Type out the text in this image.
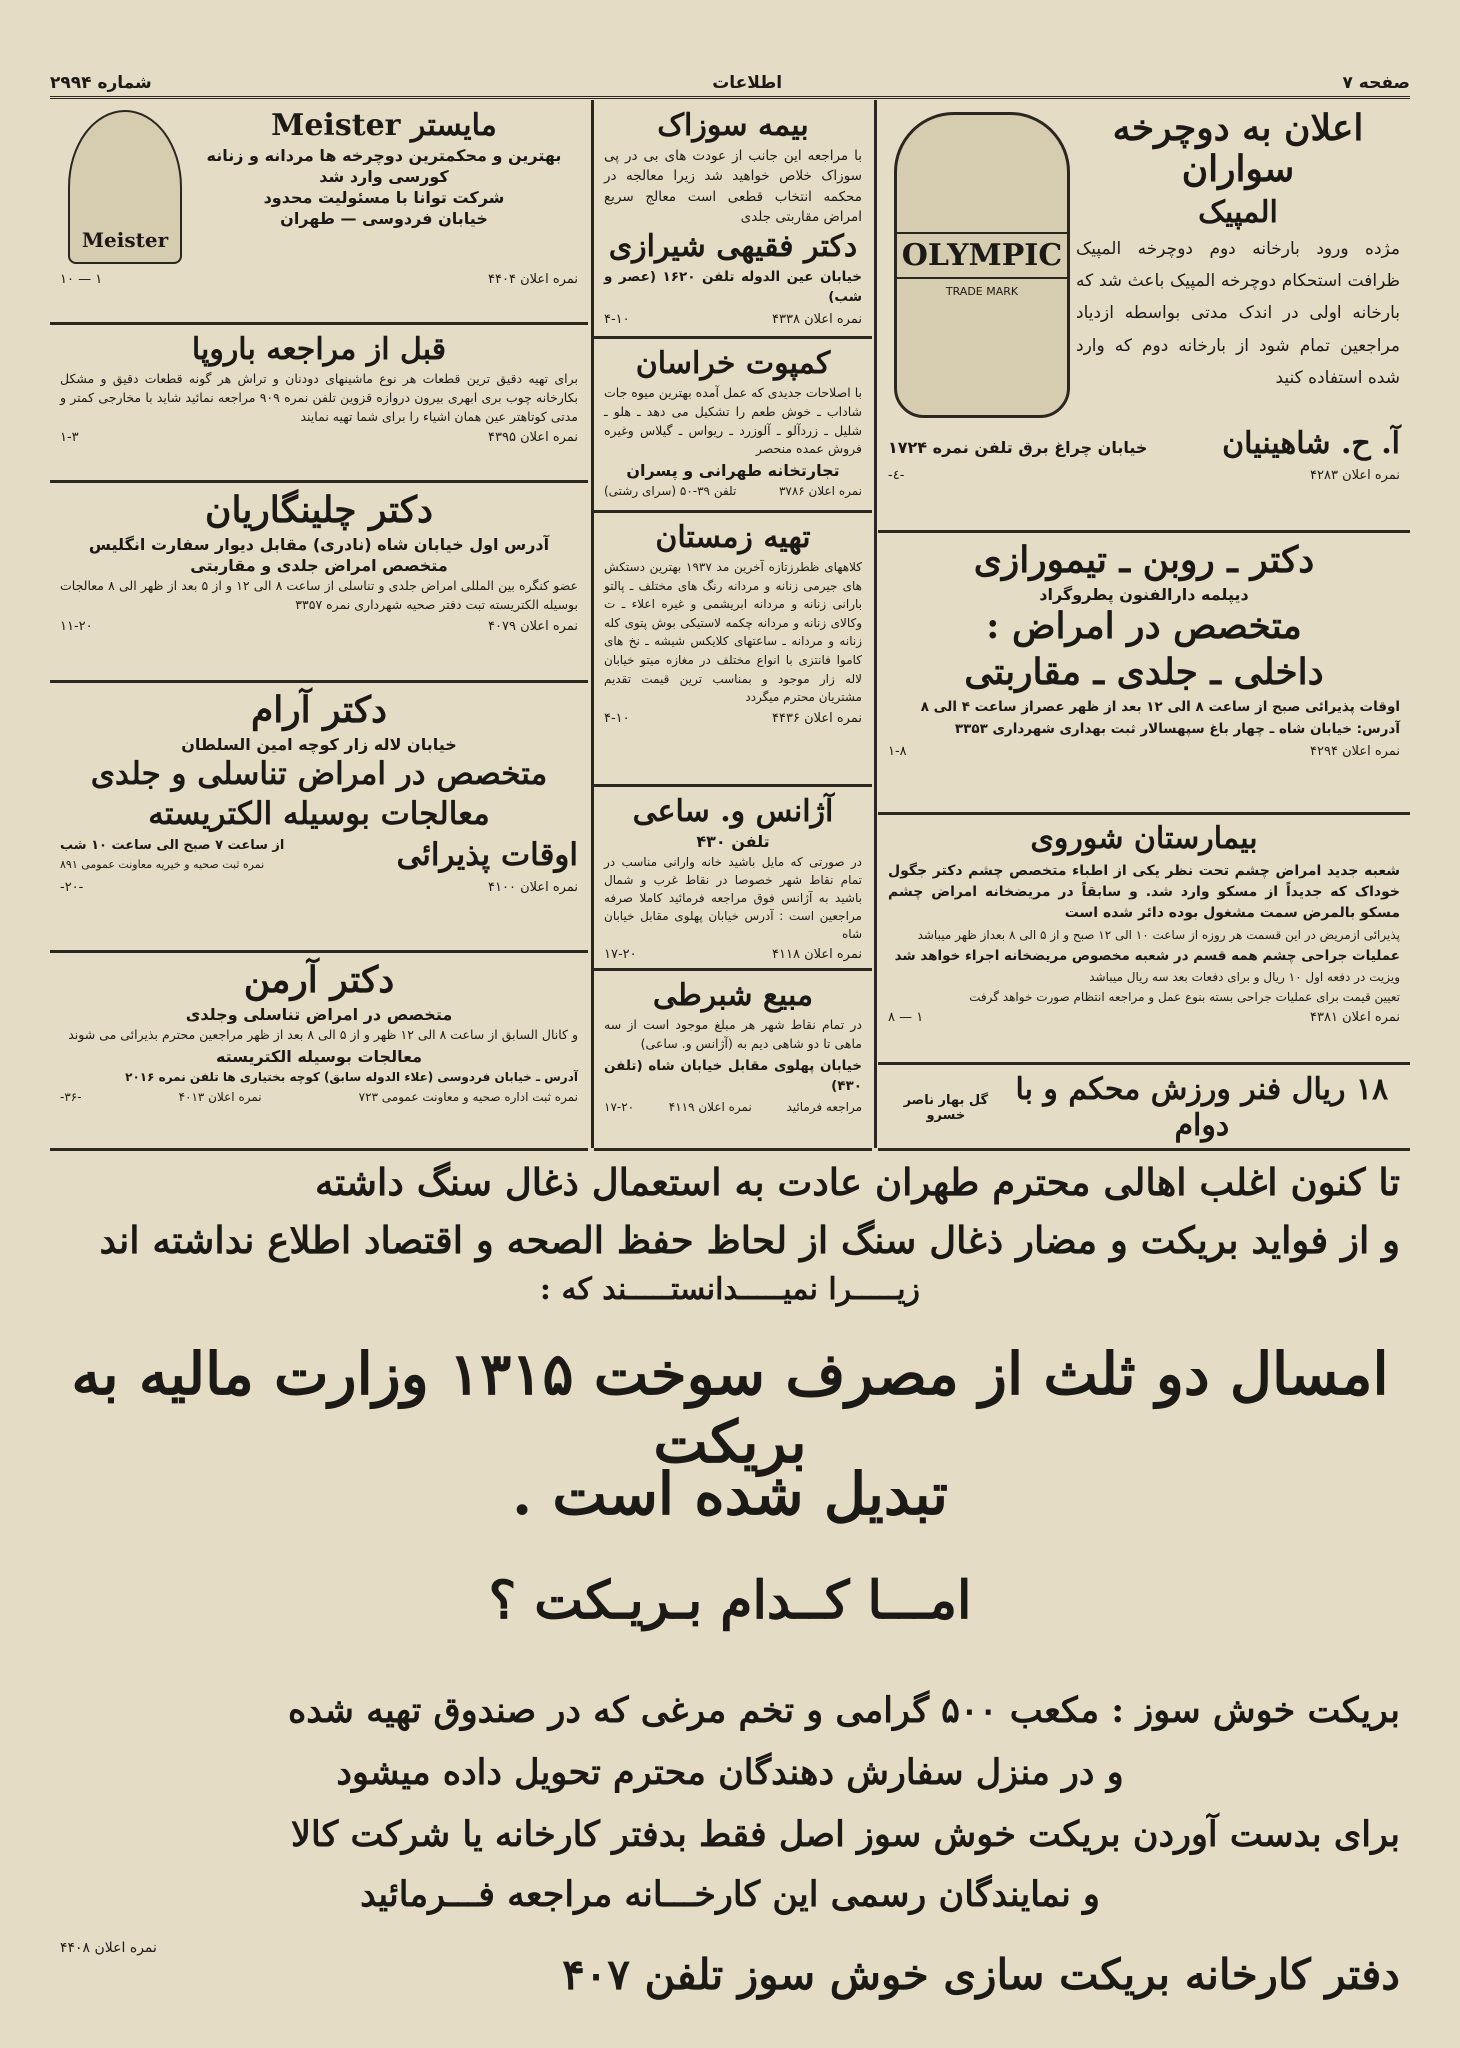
صفحه ۷
اطلاعات
شماره ۲۹۹۴
OLYMPIC
TRADE MARK
اعلان به دوچرخه سواران
المپیک
مژده ورود بارخانه دوم دوچرخه المپیک ظرافت استحکام دوچرخه المپیک باعث شد که بارخانه اولی در اندک مدتی بواسطه ازدیاد مراجعین تمام شود از بارخانه دوم که وارد شده استفاده کنید
آ. ح. شاهینیان
خیابان چراغ برق تلفن نمره ۱۷۲۴
نمره اعلان ۴۲۸۳
-٤-
دکتر ـ روبن ـ تیمورازی
دیپلمه دارالفنون پطروگراد
متخصص در امراض :
داخلی ـ جلدی ـ مقاربتی
اوقات پذیرائی صبح از ساعت ۸ الی ۱۲ بعد از ظهر عصراز ساعت ۴ الی ۸
آدرس: خیابان شاه ـ چهار باغ سپهسالار ثبت بهداری شهرداری ۳۳۵۳
نمره اعلان ۴۲۹۴
۱-۸
بیمارستان شوروی
شعبه جدید امراض چشم تحت نظر یکی از اطباء متخصص چشم دکتر جگول خوداک که جدیداً از مسکو وارد شد. و سابقاً در مریضخانه امراض چشم مسکو بالمرض سمت مشغول بوده دائر شده است
پذیرائی ازمریض در این قسمت هر روزه از ساعت ۱۰ الی ۱۲ صبح و از ۵ الی ۸ بعداز ظهر میباشد
عملیات جراحی چشم همه قسم در شعبه مخصوص مریضخانه اجراء خواهد شد
ویزیت در دفعه اول ۱۰ ریال و برای دفعات بعد سه ریال میباشد
تعیین قیمت برای عملیات جراحی بسته بنوع عمل و مراجعه انتظام صورت خواهد گرفت
نمره اعلان ۴۳۸۱
۱ — ۸
۱۸ ریال فنر ورزش محکم و با دوام
گل بهار ناصر خسرو
بیمه سوزاک
با مراجعه این جانب از عودت های بی در پی سوزاک خلاص خواهید شد زیرا معالجه در محکمه انتخاب قطعی است معالج سریع امراض مقاربتی جلدی
دکتر فقیهی شیرازی
خیابان عین الدوله تلفن ۱۶۲۰ (عصر و شب)
نمره اعلان ۴۳۳۸
۴-۱۰
کمپوت خراسان
با اصلاحات جدیدی که عمل آمده بهترین میوه جات شاداب ـ خوش طعم را تشکیل می دهد ـ هلو ـ شلیل ـ زردآلو ـ آلوزرد ـ ریواس ـ گیلاس وغیره فروش عمده منحصر
تجارتخانه طهرانی و پسران
نمره اعلان ۳۷۸۶
تلفن ۳۹-۵۰ (سرای رشتی)
تهیه زمستان
کلاههای ظطرزتازه آخرین مد ۱۹۳۷ بهترین دستکش های جیرمی زنانه و مردانه رنگ های مختلف ـ پالتو بارانی زنانه و مردانه ابریشمی و غیره اعلاء ـ ت وکالای زنانه و مردانه چکمه لاستیکی بوش پتوی کله زنانه و مردانه ـ ساعتهای کلایکس شیشه ـ نخ های کاموا فانتزی با انواع مختلف در مغازه میتو خیابان لاله زار موجود و بمناسب ترین قیمت تقدیم مشتریان محترم میگردد
نمره اعلان ۴۴۳۶
۴-۱۰
آژانس و. ساعی
تلفن ۴۳۰
در صورتی که مایل باشید خانه وارانی مناسب در تمام نقاط شهر خصوصا در نقاط غرب و شمال باشید به آژانس فوق مراجعه فرمائید کاملا صرفه مراجعین است : آدرس خیابان پهلوی مقابل خیابان شاه
نمره اعلان ۴۱۱۸
۱۷-۲۰
مبیع شبرطی
در تمام نقاط شهر هر مبلغ موجود است از سه ماهی تا دو شاهی دیم به (آژانس و. ساعی)
خیابان پهلوی مقابل خیابان شاه (تلفن ۴۳۰)
مراجعه فرمائید
نمره اعلان ۴۱۱۹
۱۷-۲۰
Meister
مایستر Meister
بهترین و محکمترین دوچرخه ها مردانه و زنانه
کورسی وارد شد
شرکت توانا با مسئولیت محدود
خیابان فردوسی — طهران
نمره اعلان ۴۴۰۴
۱ — ۱۰
قبل از مراجعه باروپا
برای تهیه دقیق ترین قطعات هر نوع ماشینهای دودنان و تراش هر گونه قطعات دقیق و مشکل بکارخانه چوب بری ابهری بیرون دروازه قزوین تلفن نمره ۹۰۹ مراجعه نمائید شاید با مخارجی کمتر و مدتی کوتاهتر عین همان اشیاء را برای شما تهیه نمایند
نمره اعلان ۴۳۹۵
۱-۳
دکتر چلینگاریان
آدرس اول خیابان شاه (نادری) مقابل دیوار سفارت انگلیس
متخصص امراض جلدی و مقاربتی
عضو کنگره بین المللی امراض جلدی و تناسلی از ساعت ۸ الی ۱۲ و از ۵ بعد از ظهر الی ۸ معالجات بوسیله الکتریسته تبت دفتر صحیه شهرداری نمره ۳۳۵۷
نمره اعلان ۴۰۷۹
۱۱-۲۰
دکتر آرام
خیابان لاله زار کوچه امین السلطان
متخصص در امراض تناسلی و جلدی
معالجات بوسیله الکتریسته
اوقات پذیرائی
از ساعت ۷ صبح الی ساعت ۱۰ شب
نمره ثبت صحیه و خیریه معاونت عمومی ۸۹۱
نمره اعلان ۴۱۰۰
-۲۰-
دکتر آرمن
متخصص در امراض تناسلی وجلدی
و کانال السابق از ساعت ۸ الی ۱۲ ظهر و از ۵ الی ۸ بعد از ظهر مراجعین محترم بذیرائی می شوند
معالجات بوسیله الکتریسته
آدرس ـ خیابان فردوسی (علاء الدوله سابق) کوچه بختیاری ها تلفن نمره ۲۰۱۶
نمره ثبت اداره صحیه و معاونت عمومی ۷۲۳
نمره اعلان ۴۰۱۳
-۳۶-
تا کنون اغلب اهالی محترم طهران عادت به استعمال ذغال سنگ داشته
و از فواید بریکت و مضار ذغال سنگ از لحاظ حفظ الصحه و اقتصاد اطلاع نداشته اند
زیـــــرا نمیـــــدانستـــــند که :
امسال دو ثلث از مصرف سوخت ۱۳۱۵ وزارت مالیه به بریکت
تبدیل شده است .
امـــا کــدام بـریـکت ؟
بریکت خوش سوز : مکعب ۵۰۰ گرامی و تخم مرغی که در صندوق تهیه شده
و در منزل سفارش دهندگان محترم تحویل داده میشود
برای بدست آوردن بریکت خوش سوز اصل فقط بدفتر کارخانه یا شرکت کالا
و نمایندگان رسمی این کارخـــانه مراجعه فـــرمائید
دفتر کارخانه بریکت سازی خوش سوز تلفن ۴۰۷
نمره اعلان ۴۴۰۸
